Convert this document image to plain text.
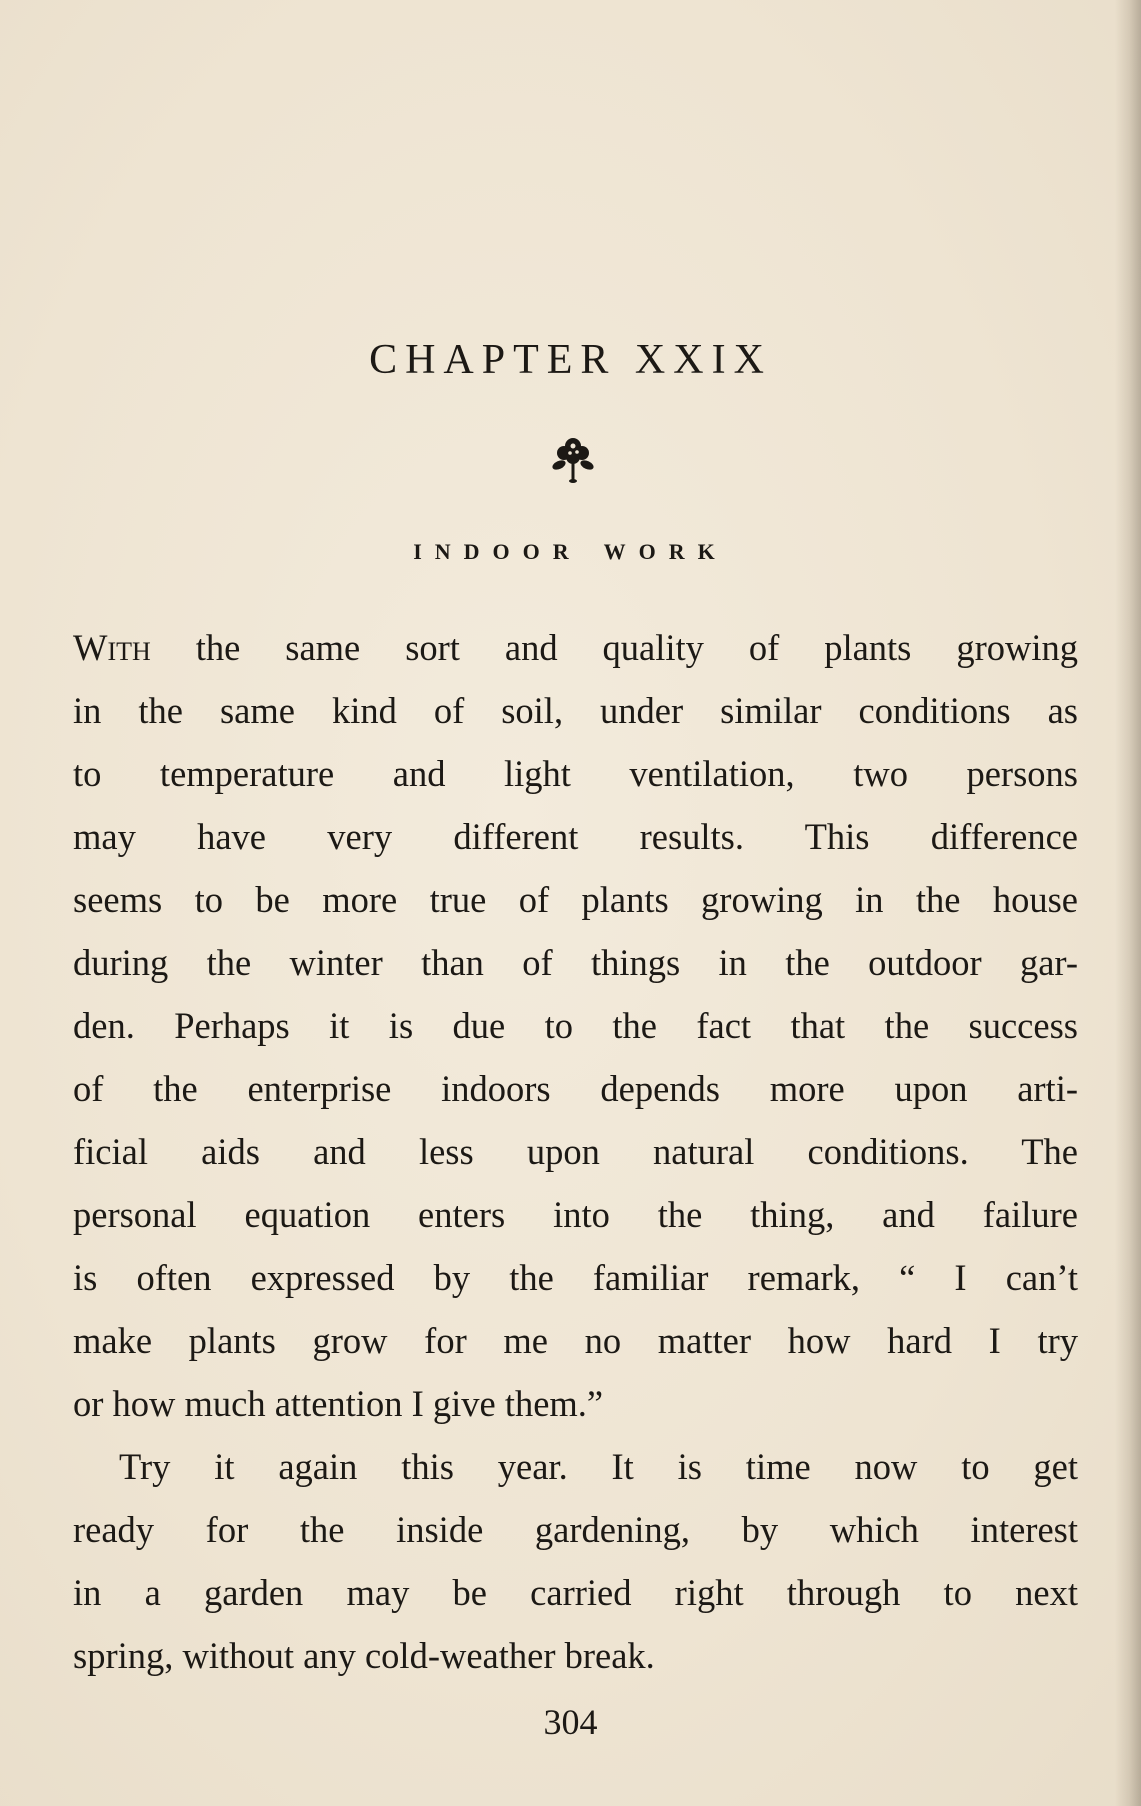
CHAPTER XXIX
INDOOR WORK
With the same sort and quality of plants growing
in the same kind of soil, under similar conditions as
to temperature and light ventilation, two persons
may have very different results. This difference
seems to be more true of plants growing in the house
during the winter than of things in the outdoor gar-
den. Perhaps it is due to the fact that the success
of the enterprise indoors depends more upon arti-
ficial aids and less upon natural conditions. The
personal equation enters into the thing, and failure
is often expressed by the familiar remark, “ I can’t
make plants grow for me no matter how hard I try
or how much attention I give them.”
Try it again this year. It is time now to get
ready for the inside gardening, by which interest
in a garden may be carried right through to next
spring, without any cold-weather break.
304
